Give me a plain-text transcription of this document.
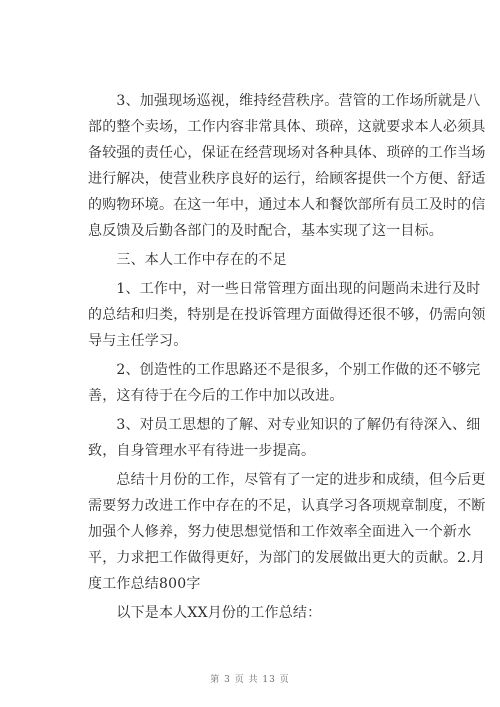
　　3、加强现场巡视，维持经营秩序。营管的工作场所就是八
部的整个卖场，工作内容非常具体、琐碎，这就要求本人必须具
备较强的责任心，保证在经营现场对各种具体、琐碎的工作当场
进行解决，使营业秩序良好的运行，给顾客提供一个方便、舒适
的购物环境。在这一年中，通过本人和餐饮部所有员工及时的信
息反馈及后勤各部门的及时配合，基本实现了这一目标。

　　三、本人工作中存在的不足

　　1、工作中，对一些日常管理方面出现的问题尚未进行及时
的总结和归类，特别是在投诉管理方面做得还很不够，仍需向领
导与主任学习。

　　2、创造性的工作思路还不是很多，个别工作做的还不够完
善，这有待于在今后的工作中加以改进。

　　3、对员工思想的了解、对专业知识的了解仍有待深入、细
致，自身管理水平有待进一步提高。

　　总结十月份的工作，尽管有了一定的进步和成绩，但今后更
需要努力改进工作中存在的不足，认真学习各项规章制度，不断
加强个人修养，努力使思想觉悟和工作效率全面进入一个新水
平，力求把工作做得更好，为部门的发展做出更大的贡献。2.月
度工作总结800字

　　以下是本人XX月份的工作总结：

第 3 页 共 13 页
